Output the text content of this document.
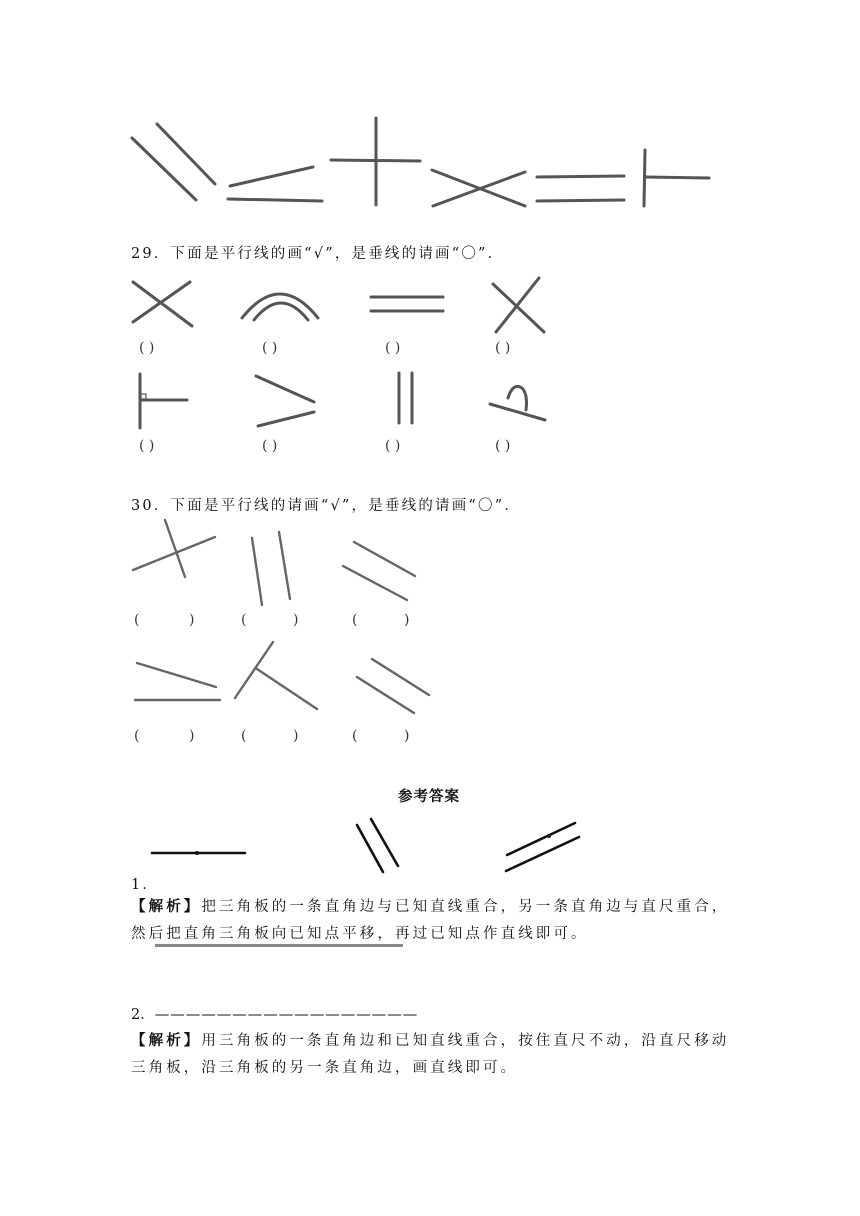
29．下面是平行线的画“√”，是垂线的请画“〇”．
( )	( )	( )	( )
( )	( )	( )	( )
30．下面是平行线的请画“√”，是垂线的请画“〇”．
(	)	(	)	(	)
(	)	(	)	(	)
参考答案
1．
【解析】把三角板的一条直角边与已知直线重合，另一条直角边与直尺重合，然后把直角三角板向已知点平移，再过已知点作直线即可。
2．—————————————————
【解析】用三角板的一条直角边和已知直线重合，按住直尺不动，沿直尺移动三角板，沿三角板的另一条直角边，画直线即可。
